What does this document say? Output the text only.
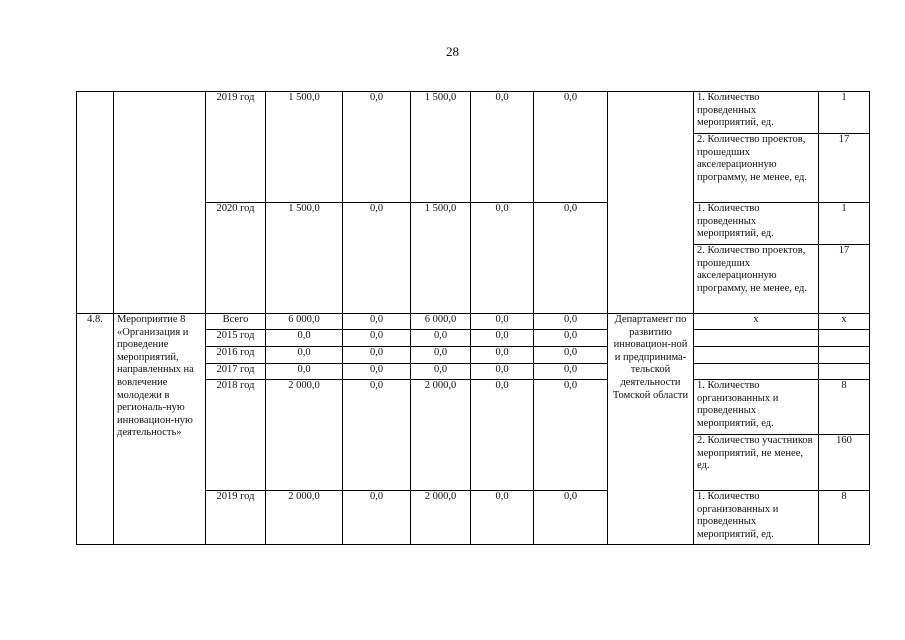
28
		2019 год	1 500,0	0,0	1 500,0	0,0	0,0		1. Количество проведенных мероприятий, ед.	1
									2. Количество проектов, прошедших акселерационную программу, не менее, ед.	17
		2020 год	1 500,0	0,0	1 500,0	0,0	0,0		1. Количество проведенных мероприятий, ед.	1
									2. Количество проектов, прошедших акселерационную программу, не менее, ед.	17
4.8.	Мероприятие 8 «Организация и проведение мероприятий, направленных на вовлечение молодежи в региональ-ную инновацион-ную деятельность»	Всего	6 000,0	0,0	6 000,0	0,0	0,0	Департамент по развитию инновацион-ной и предпринима-тельской деятельности Томской области	х	х
		2015 год	0,0	0,0	0,0	0,0	0,0			
		2016 год	0,0	0,0	0,0	0,0	0,0			
		2017 год	0,0	0,0	0,0	0,0	0,0			
		2018 год	2 000,0	0,0	2 000,0	0,0	0,0		1. Количество организованных и проведенных мероприятий, ед.	8
									2. Количество участников мероприятий, не менее, ед.	160
		2019 год	2 000,0	0,0	2 000,0	0,0	0,0		1. Количество организованных и проведенных мероприятий, ед.	8
